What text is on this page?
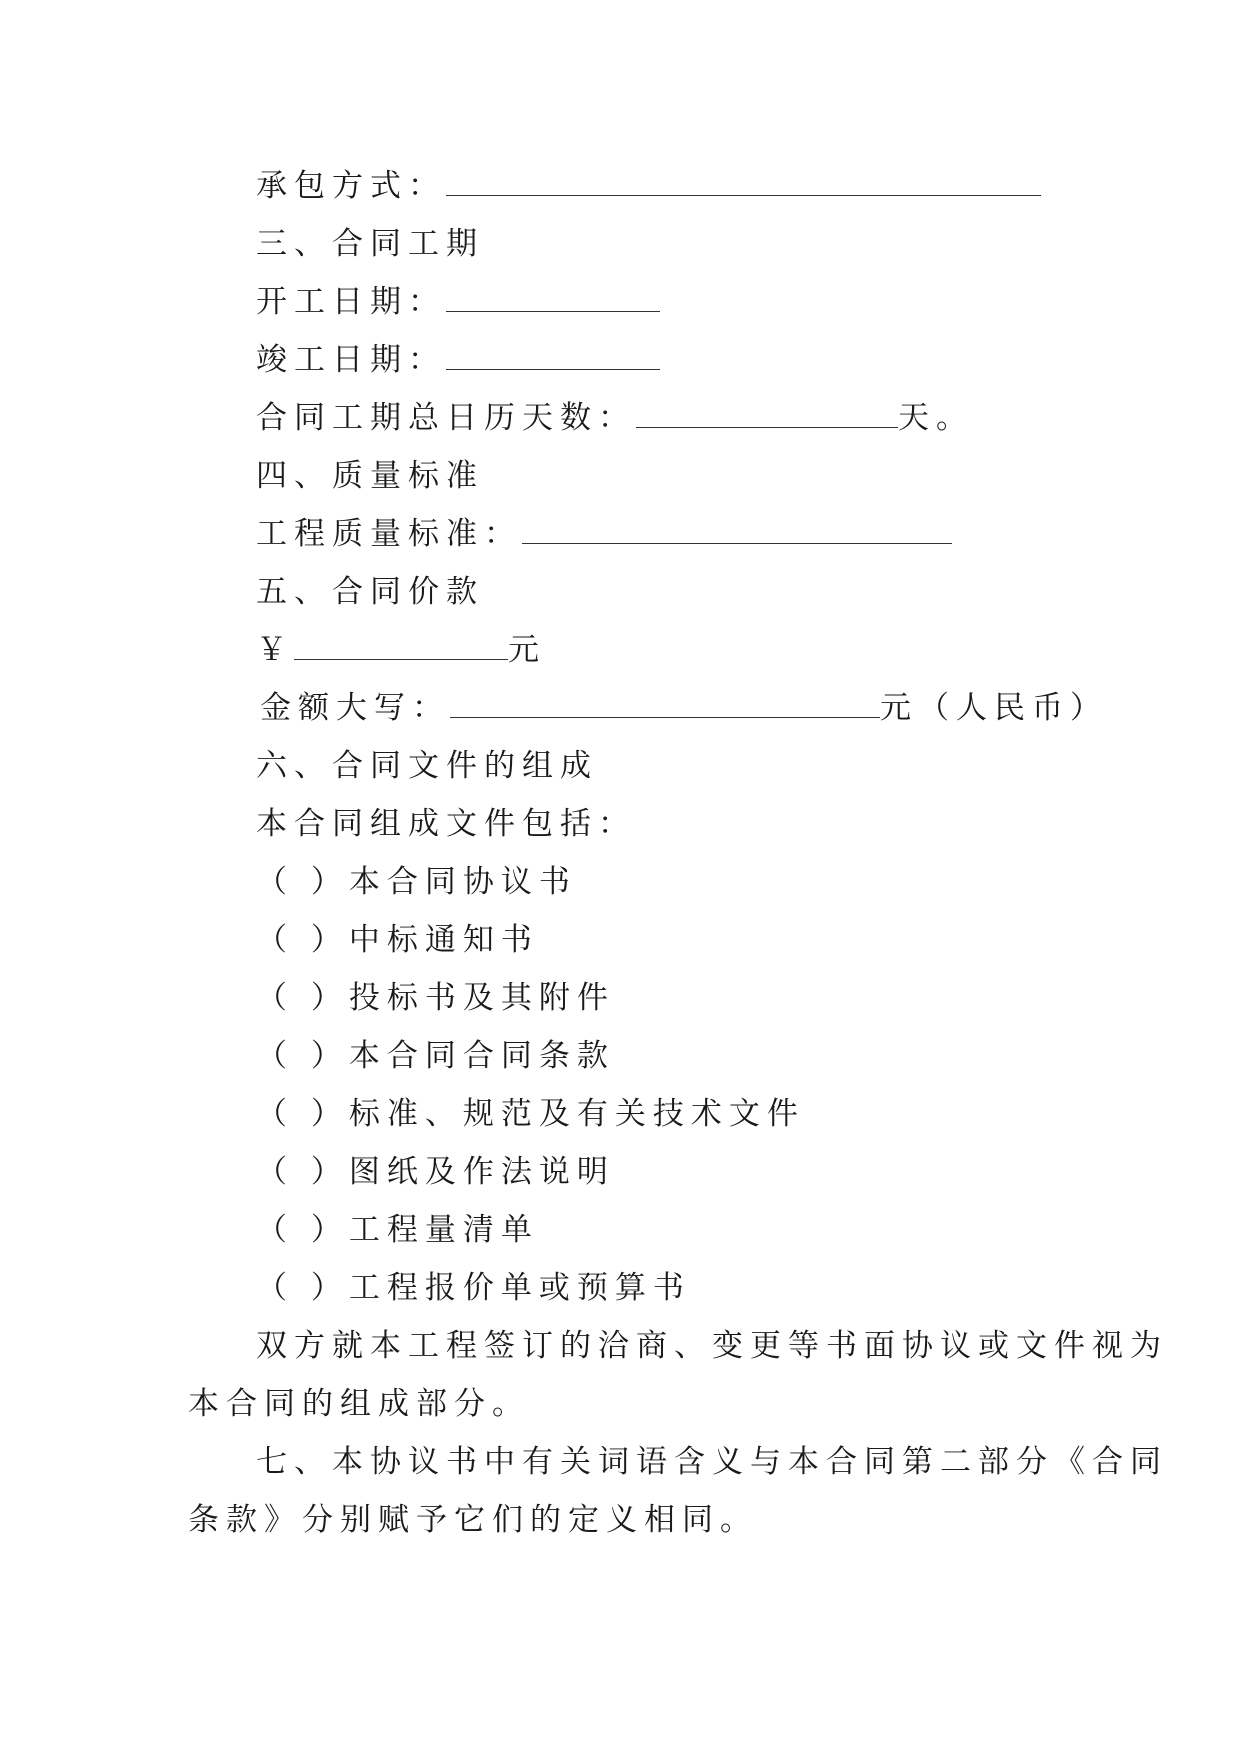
承包方式：
三、合同工期
开工日期：
竣工日期：
合同工期总日历天数：	天。
四、质量标准
工程质量标准：
五、合同价款
￥	元
金额大写：	元（人民币）
六、合同文件的组成
本合同组成文件包括：
（ ）本合同协议书
（ ）中标通知书
（ ）投标书及其附件
（ ）本合同合同条款
（ ）标准、规范及有关技术文件
（ ）图纸及作法说明
（ ）工程量清单
（ ）工程报价单或预算书
双方就本工程签订的洽商、变更等书面协议或文件视为
本合同的组成部分。
七、本协议书中有关词语含义与本合同第二部分《合同
条款》分别赋予它们的定义相同。
